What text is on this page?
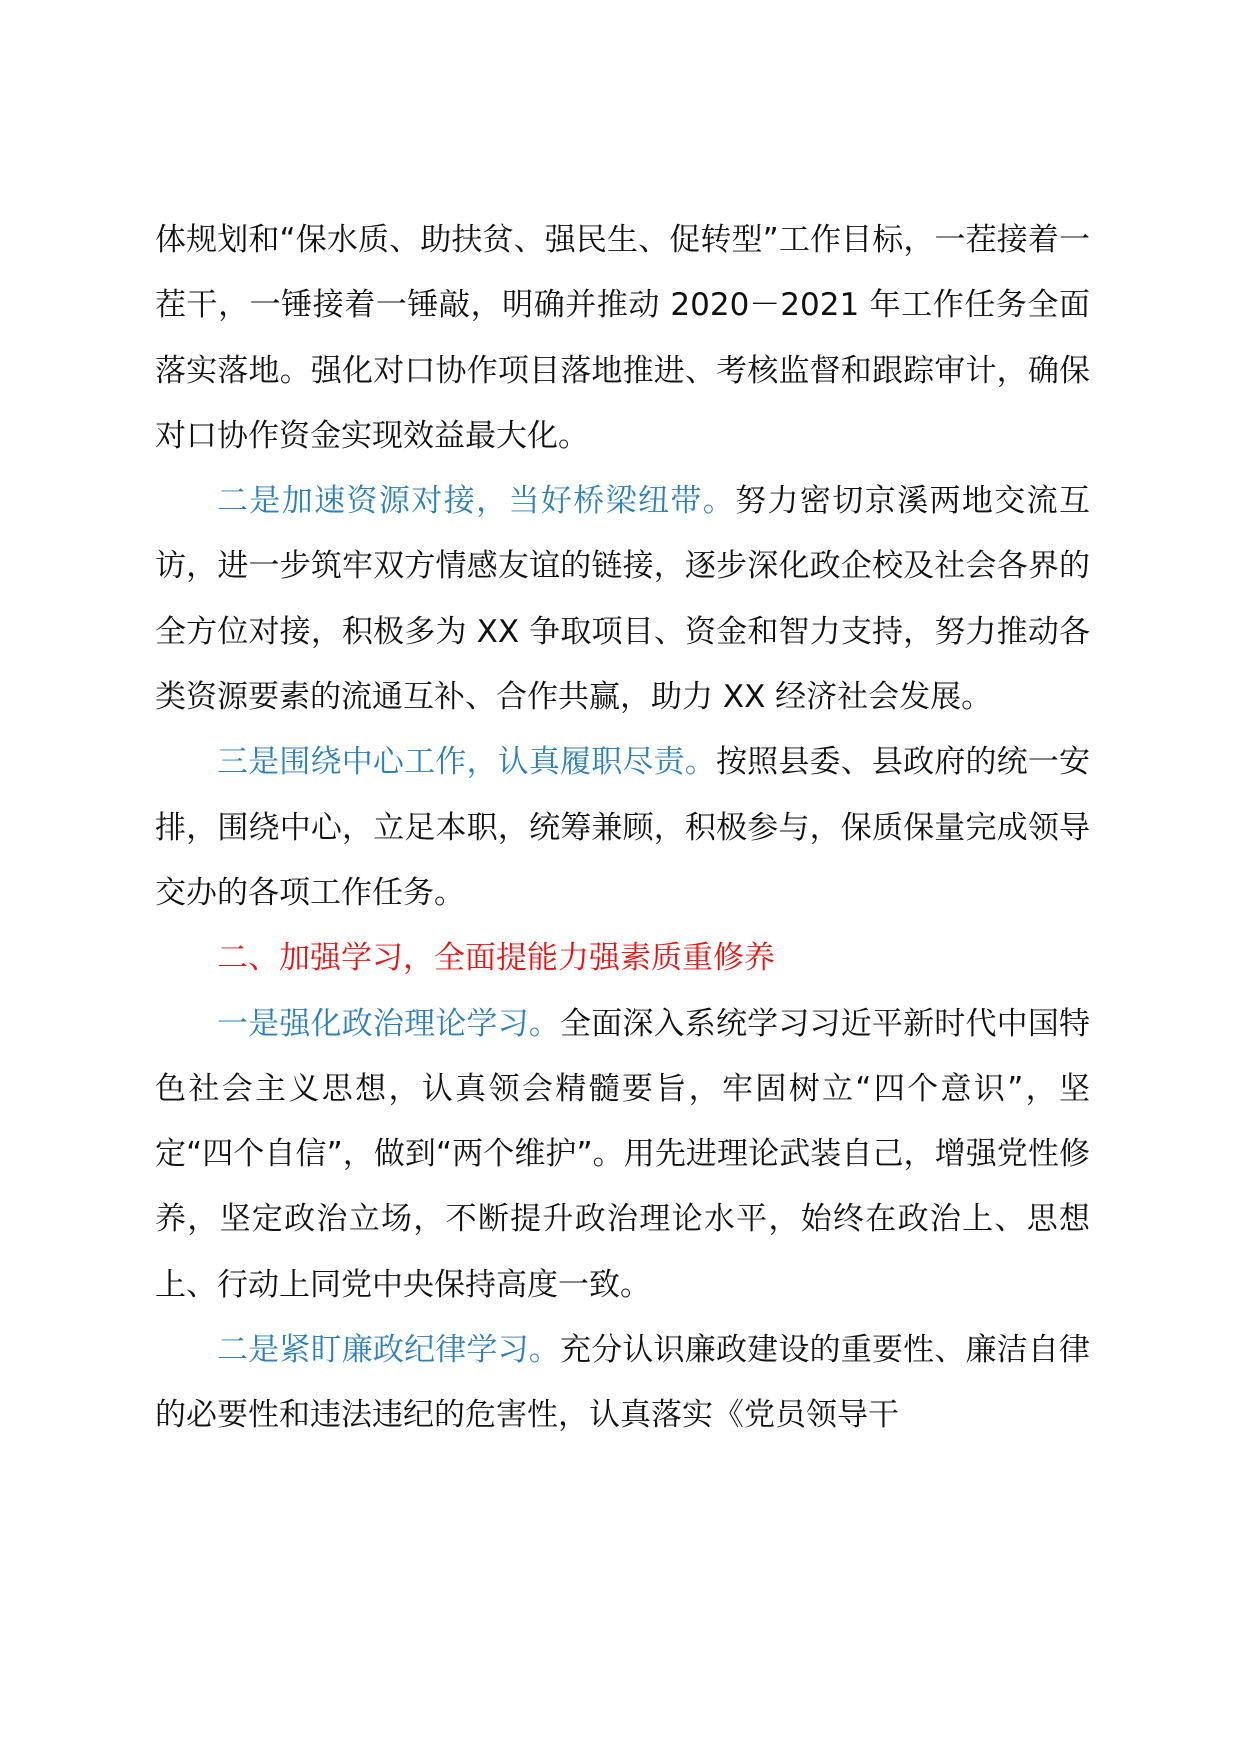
体规划和“保水质、助扶贫、强民生、促转型”工作目标，一茬接着一茬干，一锤接着一锤敲，明确并推动 2020－2021 年工作任务全面落实落地。强化对口协作项目落地推进、考核监督和跟踪审计，确保对口协作资金实现效益最大化。

二是加速资源对接，当好桥梁纽带。努力密切京溪两地交流互访，进一步筑牢双方情感友谊的链接，逐步深化政企校及社会各界的全方位对接，积极多为 XX 争取项目、资金和智力支持，努力推动各类资源要素的流通互补、合作共赢，助力 XX 经济社会发展。

三是围绕中心工作，认真履职尽责。按照县委、县政府的统一安排，围绕中心，立足本职，统筹兼顾，积极参与，保质保量完成领导交办的各项工作任务。

二、加强学习，全面提能力强素质重修养

一是强化政治理论学习。全面深入系统学习习近平新时代中国特色社会主义思想，认真领会精髓要旨，牢固树立“四个意识”，坚定“四个自信”，做到“两个维护”。用先进理论武装自己，增强党性修养，坚定政治立场，不断提升政治理论水平，始终在政治上、思想上、行动上同党中央保持高度一致。

二是紧盯廉政纪律学习。充分认识廉政建设的重要性、廉洁自律的必要性和违法违纪的危害性，认真落实《党员领导干
